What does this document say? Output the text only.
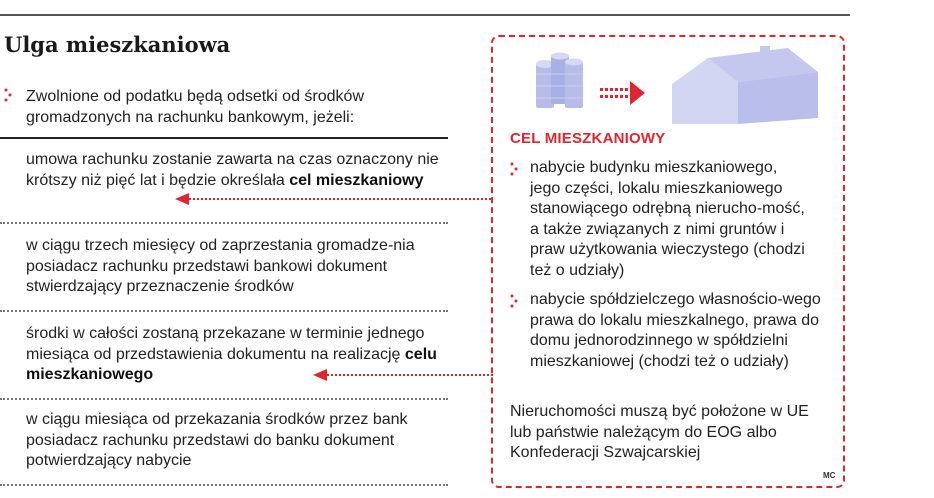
Ulga mieszkaniowa
Zwolnione od podatku będą odsetki od środków gromadzonych na rachunku bankowym, jeżeli:
umowa rachunku zostanie zawarta na czas oznaczony nie krótszy niż pięć lat i będzie określała cel mieszkaniowy
w ciągu trzech miesięcy od zaprzestania gromadze-nia posiadacz rachunku przedstawi bankowi dokument stwierdzający przeznaczenie środków
środki w całości zostaną przekazane w terminie jednego miesiąca od przedstawienia dokumentu na realizację celu mieszkaniowego
w ciągu miesiąca od przekazania środków przez bank posiadacz rachunku przedstawi do banku dokument potwierdzający nabycie
CEL MIESZKANIOWY
nabycie budynku mieszkaniowego, jego części, lokalu mieszkaniowego stanowiącego odrębną nierucho-mość, a także związanych z nimi gruntów i praw użytkowania wieczystego (chodzi też o udziały)
nabycie spółdzielczego własnościo-wego prawa do lokalu mieszkalnego, prawa do domu jednorodzinnego w spółdzielni mieszkaniowej (chodzi też o udziały)
Nieruchomości muszą być położone w UE lub państwie należącym do EOG albo Konfederacji Szwajcarskiej
MC
